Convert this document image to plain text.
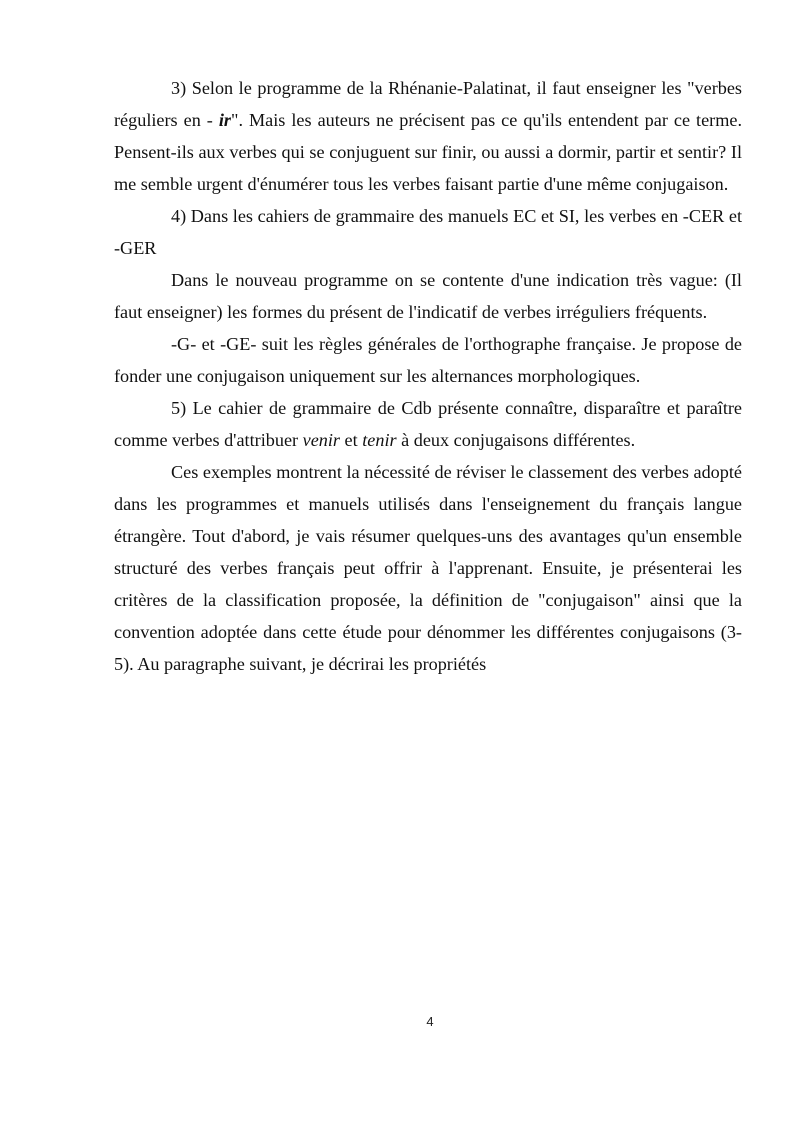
3) Selon le programme de la Rhénanie-Palatinat, il faut enseigner les "verbes réguliers en - ir". Mais les auteurs ne précisent pas ce qu'ils entendent par ce terme. Pensent-ils aux verbes qui se conjuguent sur finir, ou aussi a dormir, partir et sentir? Il me semble urgent d'énumérer tous les verbes faisant partie d'une même conjugaison.

4) Dans les cahiers de grammaire des manuels EC et SI, les verbes en -CER et -GER

Dans le nouveau programme on se contente d'une indication très vague: (Il faut enseigner) les formes du présent de l'indicatif de verbes irréguliers fréquents.

-G- et -GE- suit les règles générales de l'orthographe française. Je propose de fonder une conjugaison uniquement sur les alternances morphologiques.

5) Le cahier de grammaire de Cdb présente connaître, disparaître et paraître comme verbes d'attribuer venir et tenir à deux conjugaisons différentes.

Ces exemples montrent la nécessité de réviser le classement des verbes adopté dans les programmes et manuels utilisés dans l'enseignement du français langue étrangère. Tout d'abord, je vais résumer quelques-uns des avantages qu'un ensemble structuré des verbes français peut offrir à l'apprenant. Ensuite, je présenterai les critères de la classification proposée, la définition de "conjugaison" ainsi que la convention adoptée dans cette étude pour dénommer les différentes conjugaisons (3-5). Au paragraphe suivant, je décrirai les propriétés

4
